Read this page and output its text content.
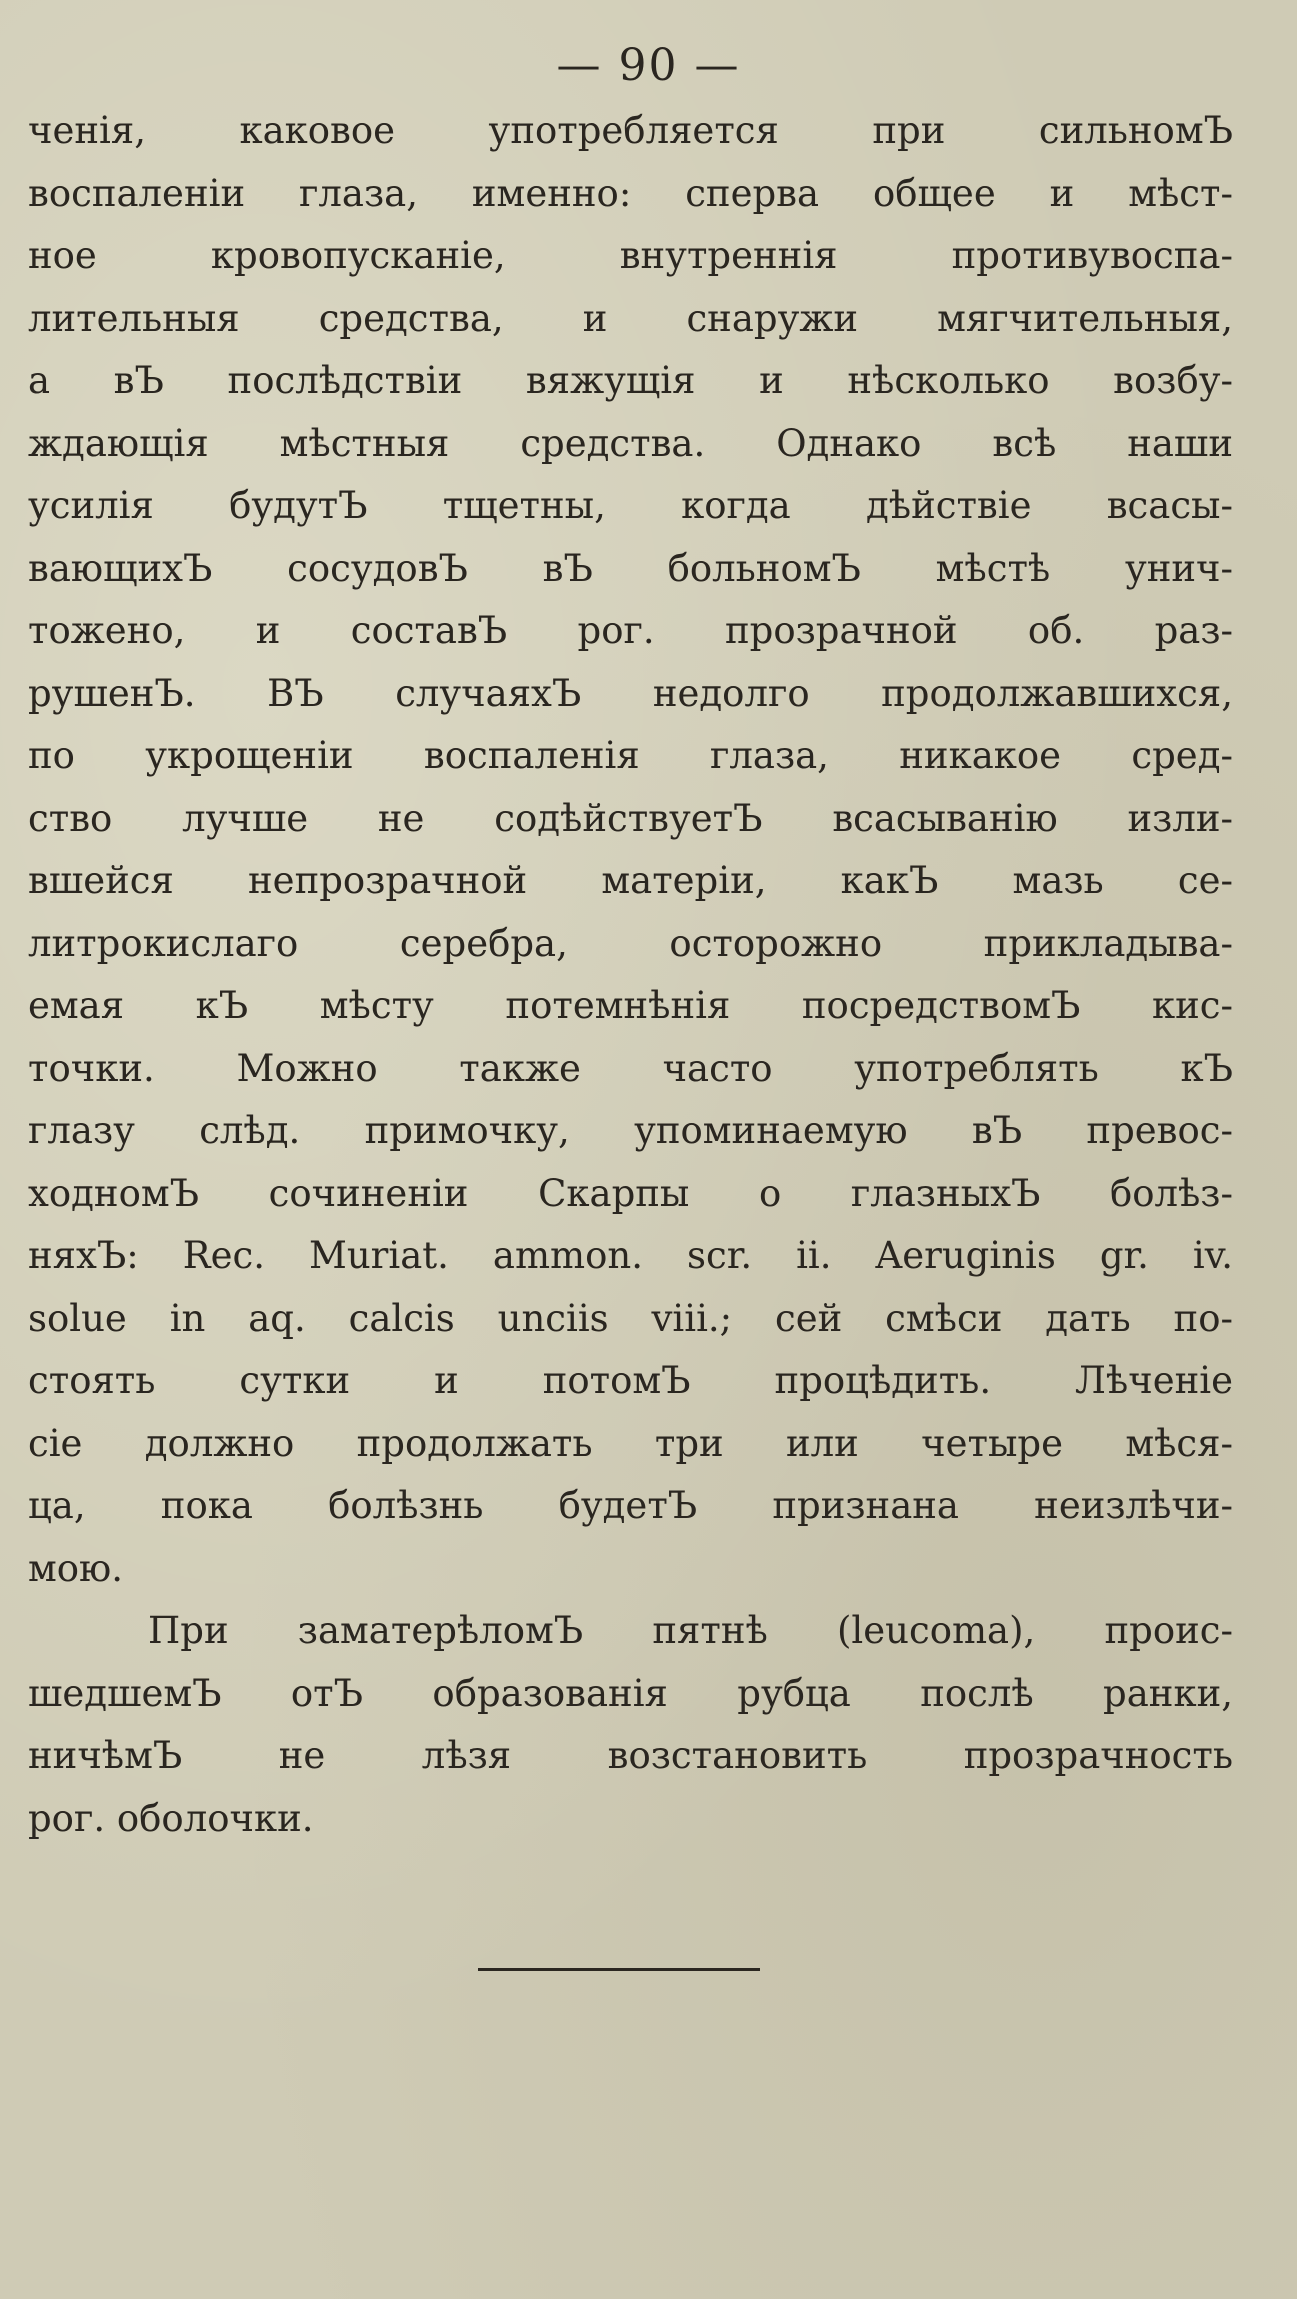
— 90 —
ченія, каковое употребляется при сильномЪ
воспаленіи глаза, именно: сперва общее и мѣст-
ное кровопусканіе, внутреннія противувоспа-
лительныя средства, и снаружи мягчительныя,
а вЪ послѣдствіи вяжущія и нѣсколько возбу-
ждающія мѣстныя средства. Однако всѣ наши
усилія будутЪ тщетны, когда дѣйствіе всасы-
вающихЪ сосудовЪ вЪ больномЪ мѣстѣ унич-
тожено, и составЪ рог. прозрачной об. раз-
рушенЪ. ВЪ случаяхЪ недолго продолжавшихся,
по укрощеніи воспаленія глаза, никакое сред-
ство лучше не содѣйствуетЪ всасыванію изли-
вшейся непрозрачной матеріи, какЪ мазь се-
литрокислаго серебра, осторожно прикладыва-
емая кЪ мѣсту потемнѣнія посредствомЪ кис-
точки. Можно также часто употреблять кЪ
глазу слѣд. примочку, упоминаемую вЪ превос-
ходномЪ сочиненіи Скарпы о глазныхЪ болѣз-
няхЪ: Rec. Muriat. ammon. scr. ii. Aeruginis gr. iv.
solue in aq. calcis unciis viii.; сей смѣси дать по-
стоять сутки и потомЪ процѣдить. Лѣченіе
сіе должно продолжать три или четыре мѣся-
ца, пока болѣзнь будетЪ признана неизлѣчи-
мою.
При заматерѣломЪ пятнѣ (leucoma), проис-
шедшемЪ отЪ образованія рубца послѣ ранки,
ничѣмЪ не лѣзя возстановить прозрачность
рог. оболочки.
